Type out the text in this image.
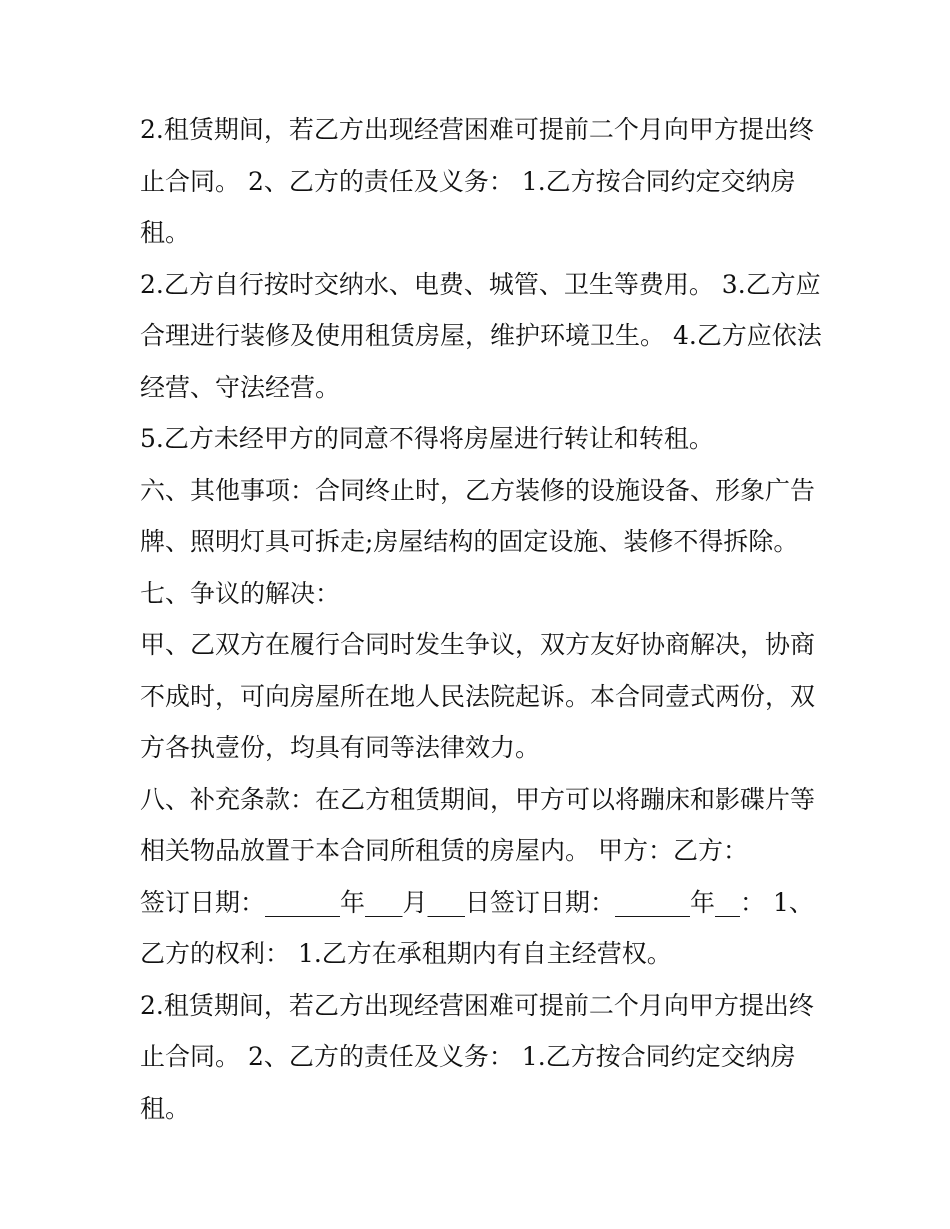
2.租赁期间，若乙方出现经营困难可提前二个月向甲方提出终止合同。 2、乙方的责任及义务： 1.乙方按合同约定交纳房租。

2.乙方自行按时交纳水、电费、城管、卫生等费用。 3.乙方应合理进行装修及使用租赁房屋，维护环境卫生。 4.乙方应依法经营、守法经营。

5.乙方未经甲方的同意不得将房屋进行转让和转租。

六、其他事项：合同终止时，乙方装修的设施设备、形象广告牌、照明灯具可拆走;房屋结构的固定设施、装修不得拆除。

七、争议的解决：

甲、乙双方在履行合同时发生争议，双方友好协商解决，协商不成时，可向房屋所在地人民法院起诉。本合同壹式两份，双方各执壹份，均具有同等法律效力。

八、补充条款：在乙方租赁期间，甲方可以将蹦床和影碟片等相关物品放置于本合同所租赁的房屋内。 甲方：乙方：

签订日期：______年___月___日签订日期：______年__： 1、乙方的权利： 1.乙方在承租期内有自主经营权。

2.租赁期间，若乙方出现经营困难可提前二个月向甲方提出终止合同。 2、乙方的责任及义务： 1.乙方按合同约定交纳房租。
